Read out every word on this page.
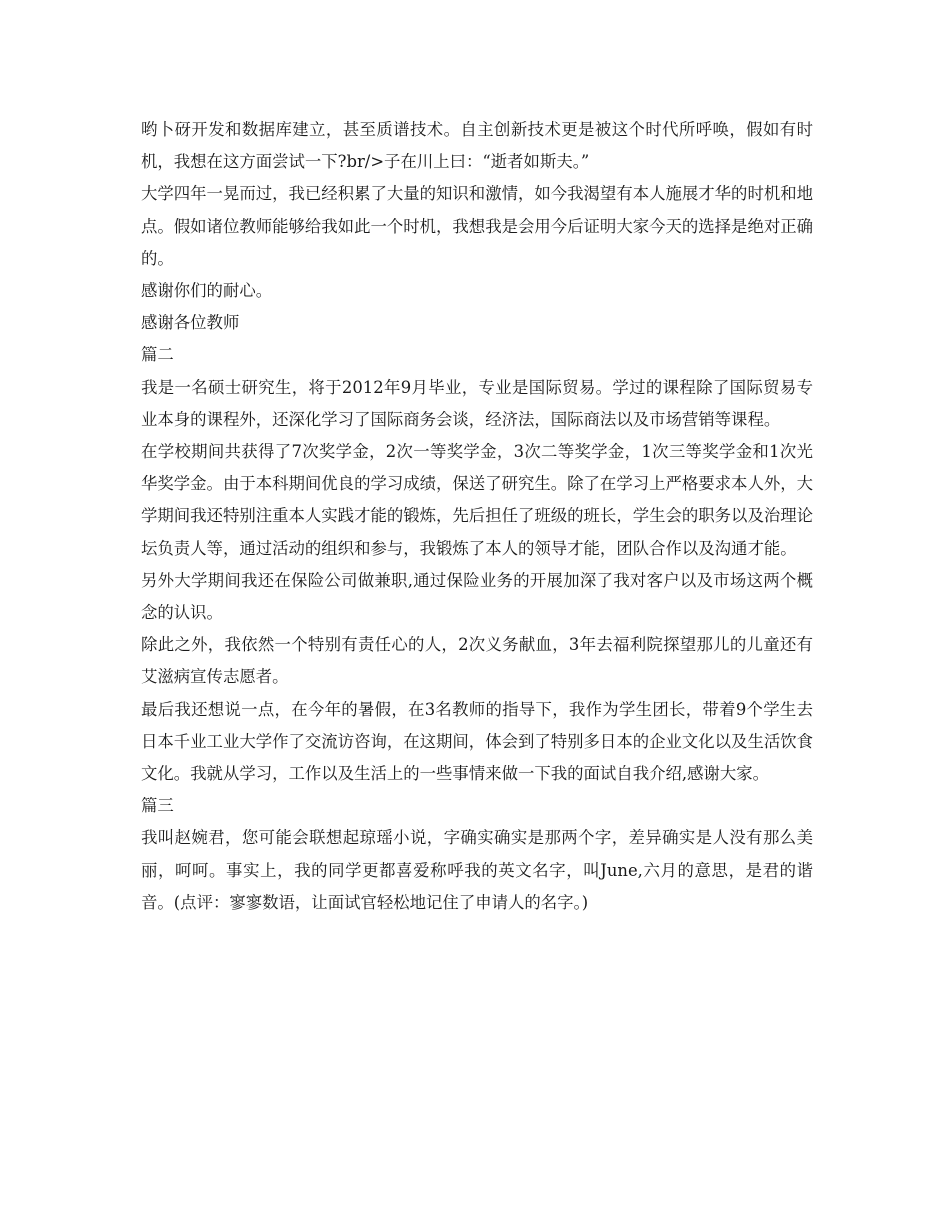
哟卜砑开发和数据库建立，甚至质谱技术。自主创新技术更是被这个时代所呼唤，假如有时机，我想在这方面尝试一下?br/>子在川上曰：“逝者如斯夫。”

大学四年一晃而过，我已经积累了大量的知识和激情，如今我渴望有本人施展才华的时机和地点。假如诸位教师能够给我如此一个时机，我想我是会用今后证明大家今天的选择是绝对正确的。

感谢你们的耐心。

感谢各位教师

篇二

我是一名硕士研究生，将于2012年9月毕业，专业是国际贸易。学过的课程除了国际贸易专业本身的课程外，还深化学习了国际商务会谈，经济法，国际商法以及市场营销等课程。

在学校期间共获得了7次奖学金，2次一等奖学金，3次二等奖学金，1次三等奖学金和1次光华奖学金。由于本科期间优良的学习成绩，保送了研究生。除了在学习上严格要求本人外，大学期间我还特别注重本人实践才能的锻炼，先后担任了班级的班长，学生会的职务以及治理论坛负责人等，通过活动的组织和参与，我锻炼了本人的领导才能，团队合作以及沟通才能。

另外大学期间我还在保险公司做兼职,通过保险业务的开展加深了我对客户以及市场这两个概念的认识。

除此之外，我依然一个特别有责任心的人，2次义务献血，3年去福利院探望那儿的儿童还有艾滋病宣传志愿者。

最后我还想说一点，在今年的暑假，在3名教师的指导下，我作为学生团长，带着9个学生去日本千业工业大学作了交流访咨询，在这期间，体会到了特别多日本的企业文化以及生活饮食文化。我就从学习，工作以及生活上的一些事情来做一下我的面试自我介绍,感谢大家。

篇三

我叫赵婉君，您可能会联想起琼瑶小说，字确实确实是那两个字，差异确实是人没有那么美丽，呵呵。事实上，我的同学更都喜爱称呼我的英文名字，叫June,六月的意思，是君的谐音。(点评：寥寥数语，让面试官轻松地记住了申请人的名字。)
